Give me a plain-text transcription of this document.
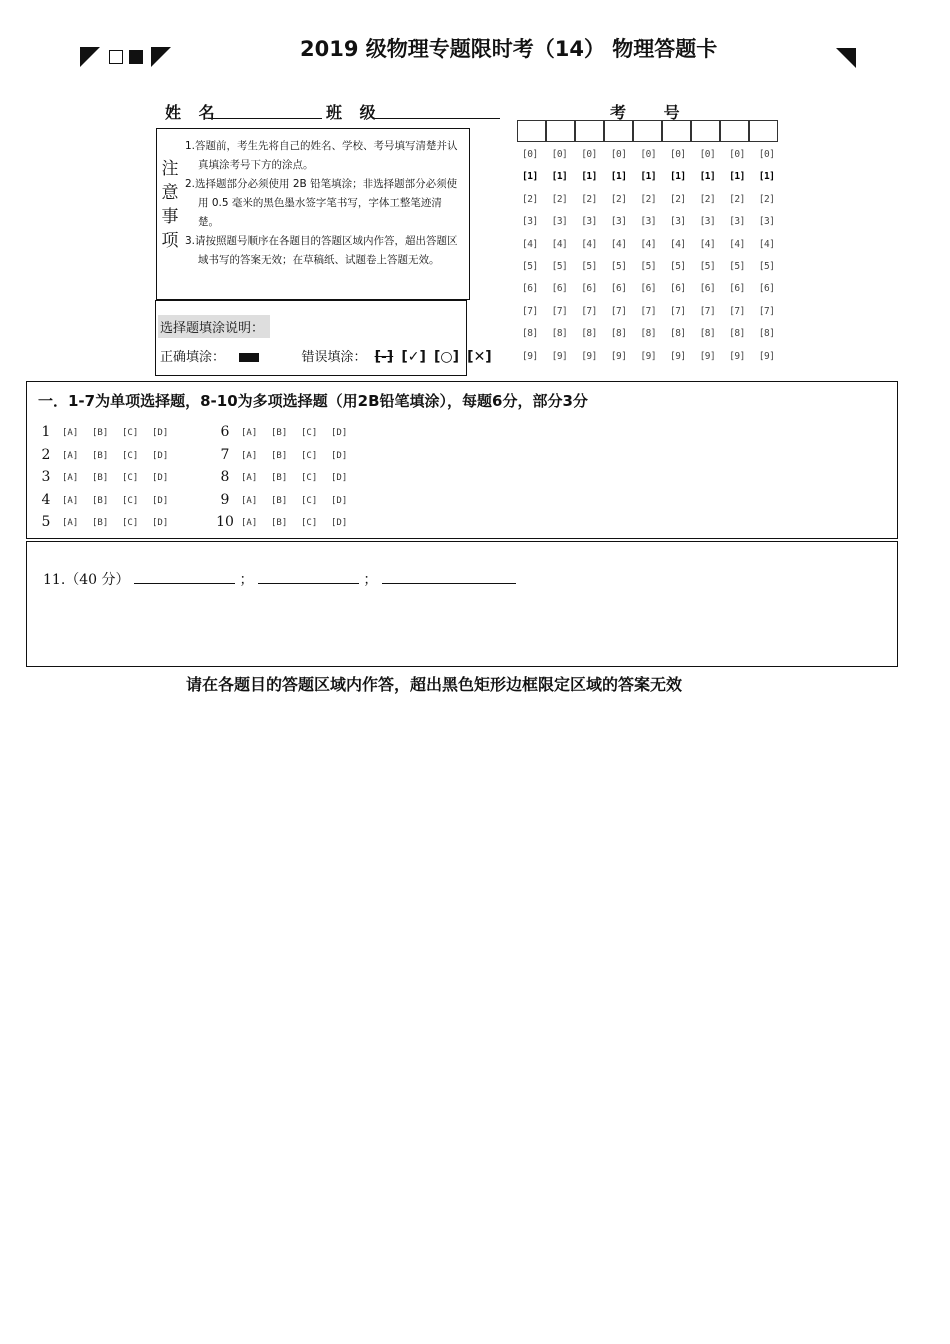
2019 级物理专题限时考（14） 物理答题卡
姓 名	班 级	考 号
注
意
事
项
1.答题前，考生先将自己的姓名、学校、考号填写清楚并认真填涂考号下方的涂点。
2.选择题部分必须使用 2B 铅笔填涂；非选择题部分必须使用 0.5 毫米的黑色墨水签字笔书写，字体工整笔迹清楚。
3.请按照题号顺序在各题目的答题区域内作答，超出答题区域书写的答案无效；在草稿纸、试题卷上答题无效。
选择题填涂说明：
正确填涂：	错误填涂： [-] [✓] [○] [✕]
[0]	[0]	[0]	[0]	[0]	[0]	[0]	[0]	[0]
[1]	[1]	[1]	[1]	[1]	[1]	[1]	[1]	[1]
[2]	[2]	[2]	[2]	[2]	[2]	[2]	[2]	[2]
[3]	[3]	[3]	[3]	[3]	[3]	[3]	[3]	[3]
[4]	[4]	[4]	[4]	[4]	[4]	[4]	[4]	[4]
[5]	[5]	[5]	[5]	[5]	[5]	[5]	[5]	[5]
[6]	[6]	[6]	[6]	[6]	[6]	[6]	[6]	[6]
[7]	[7]	[7]	[7]	[7]	[7]	[7]	[7]	[7]
[8]	[8]	[8]	[8]	[8]	[8]	[8]	[8]	[8]
[9]	[9]	[9]	[9]	[9]	[9]	[9]	[9]	[9]
一．1-7为单项选择题，8-10为多项选择题（用2B铅笔填涂），每题6分，部分3分
1	[A] [B] [C] [D]
2	[A] [B] [C] [D]
3	[A] [B] [C] [D]
4	[A] [B] [C] [D]
5	[A] [B] [C] [D]
6	[A] [B] [C] [D]
7	[A] [B] [C] [D]
8	[A] [B] [C] [D]
9	[A] [B] [C] [D]
10 [A] [B] [C] [D]
11.（40 分）	；	；
请在各题目的答题区域内作答，超出黑色矩形边框限定区域的答案无效
